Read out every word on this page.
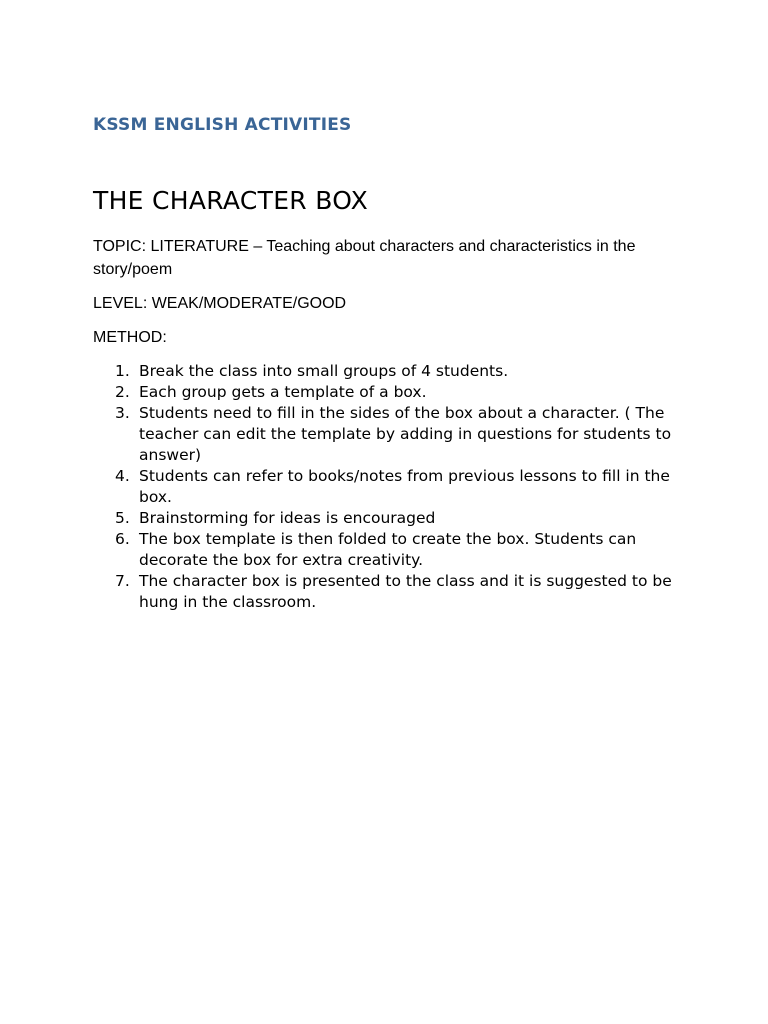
KSSM ENGLISH ACTIVITIES
THE CHARACTER BOX
TOPIC: LITERATURE – Teaching about characters and characteristics in the story/poem
LEVEL: WEAK/MODERATE/GOOD
METHOD:
1. Break the class into small groups of 4 students.
2. Each group gets a template of a box.
3. Students need to fill in the sides of the box about a character. ( The teacher can edit the template by adding in questions for students to answer)
4. Students can refer to books/notes from previous lessons to fill in the box.
5. Brainstorming for ideas is encouraged
6. The box template is then folded to create the box. Students can decorate the box for extra creativity.
7. The character box is presented to the class and it is suggested to be hung in the classroom.
